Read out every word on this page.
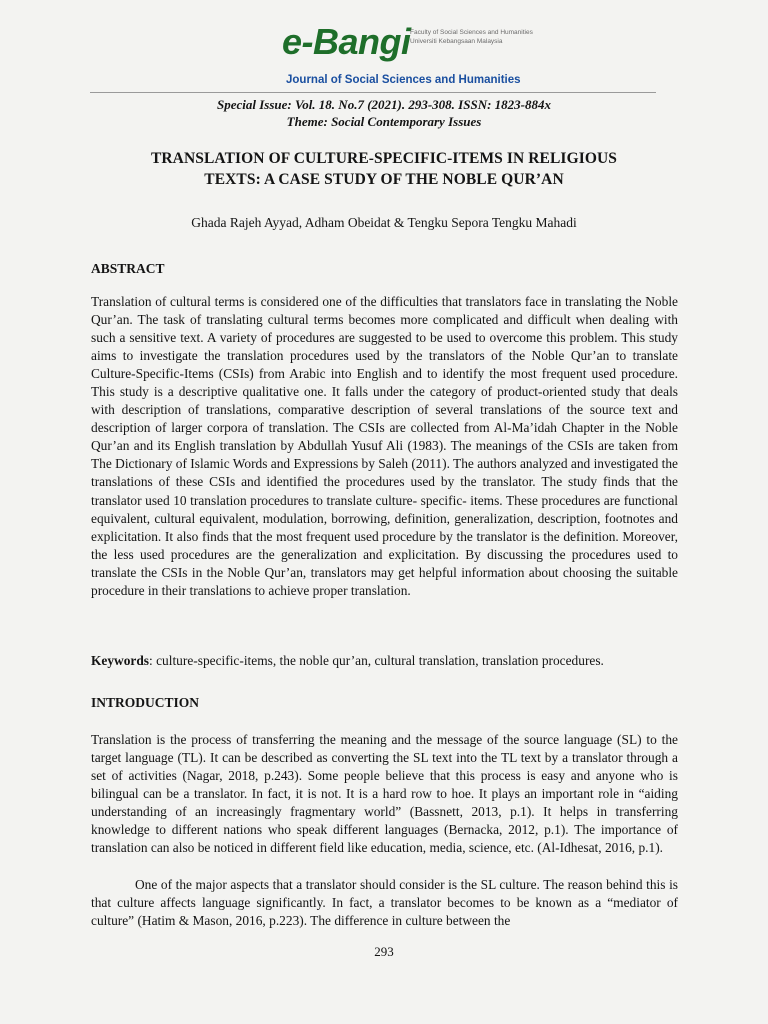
e-Bangi Faculty of Social Sciences and Humanities
Universiti Kebangsaan Malaysia
Journal of Social Sciences and Humanities
Special Issue: Vol. 18. No.7 (2021). 293-308. ISSN: 1823-884x
Theme: Social Contemporary Issues
TRANSLATION OF CULTURE-SPECIFIC-ITEMS IN RELIGIOUS
TEXTS: A CASE STUDY OF THE NOBLE QUR’AN
Ghada Rajeh Ayyad, Adham Obeidat & Tengku Sepora Tengku Mahadi
ABSTRACT
Translation of cultural terms is considered one of the difficulties that translators face in translating the Noble Qur’an. The task of translating cultural terms becomes more complicated and difficult when dealing with such a sensitive text. A variety of procedures are suggested to be used to overcome this problem. This study aims to investigate the translation procedures used by the translators of the Noble Qur’an to translate Culture-Specific-Items (CSIs) from Arabic into English and to identify the most frequent used procedure. This study is a descriptive qualitative one. It falls under the category of product-oriented study that deals with description of translations, comparative description of several translations of the source text and description of larger corpora of translation. The CSIs are collected from Al-Ma’idah Chapter in the Noble Qur’an and its English translation by Abdullah Yusuf Ali (1983). The meanings of the CSIs are taken from The Dictionary of Islamic Words and Expressions by Saleh (2011). The authors analyzed and investigated the translations of these CSIs and identified the procedures used by the translator. The study finds that the translator used 10 translation procedures to translate culture- specific- items. These procedures are functional equivalent, cultural equivalent, modulation, borrowing, definition, generalization, description, footnotes and explicitation. It also finds that the most frequent used procedure by the translator is the definition. Moreover, the less used procedures are the generalization and explicitation. By discussing the procedures used to translate the CSIs in the Noble Qur’an, translators may get helpful information about choosing the suitable procedure in their translations to achieve proper translation.
Keywords: culture-specific-items, the noble qur’an, cultural translation, translation procedures.
INTRODUCTION
Translation is the process of transferring the meaning and the message of the source language (SL) to the target language (TL). It can be described as converting the SL text into the TL text by a translator through a set of activities (Nagar, 2018, p.243). Some people believe that this process is easy and anyone who is bilingual can be a translator. In fact, it is not. It is a hard row to hoe. It plays an important role in “aiding understanding of an increasingly fragmentary world” (Bassnett, 2013, p.1). It helps in transferring knowledge to different nations who speak different languages (Bernacka, 2012, p.1). The importance of translation can also be noticed in different field like education, media, science, etc. (Al-Idhesat, 2016, p.1).
One of the major aspects that a translator should consider is the SL culture. The reason behind this is that culture affects language significantly. In fact, a translator becomes to be known as a “mediator of culture” (Hatim & Mason, 2016, p.223). The difference in culture between the
293
